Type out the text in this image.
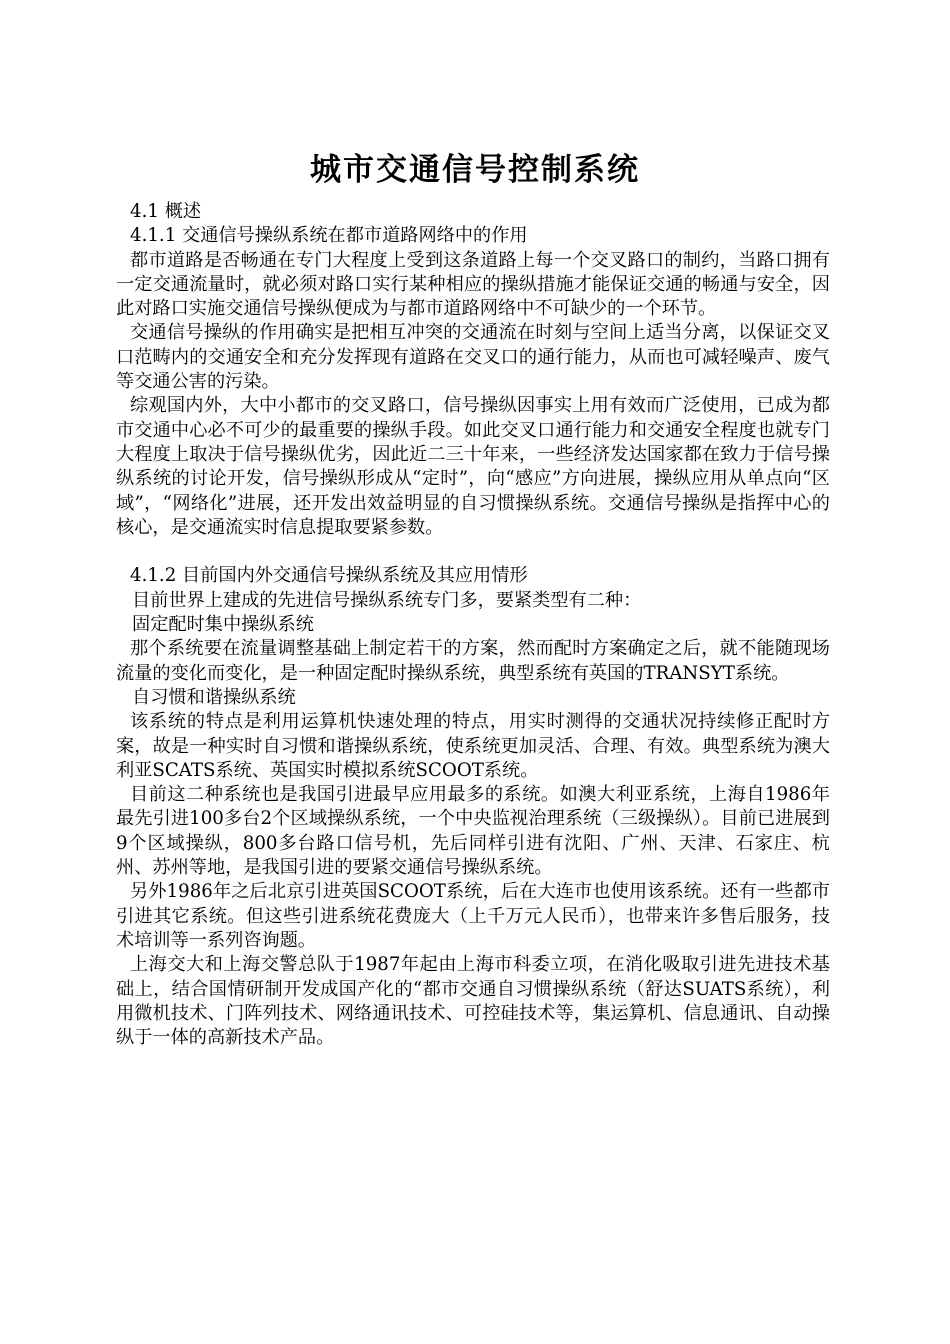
城市交通信号控制系统

4.1 概述

4.1.1 交通信号操纵系统在都市道路网络中的作用

都市道路是否畅通在专门大程度上受到这条道路上每一个交叉路口的制约，当路口拥有一定交通流量时，就必须对路口实行某种相应的操纵措施才能保证交通的畅通与安全，因此对路口实施交通信号操纵便成为与都市道路网络中不可缺少的一个环节。

交通信号操纵的作用确实是把相互冲突的交通流在时刻与空间上适当分离，以保证交叉口范畴内的交通安全和充分发挥现有道路在交叉口的通行能力，从而也可减轻噪声、废气等交通公害的污染。

综观国内外，大中小都市的交叉路口，信号操纵因事实上用有效而广泛使用，已成为都市交通中心必不可少的最重要的操纵手段。如此交叉口通行能力和交通安全程度也就专门大程度上取决于信号操纵优劣，因此近二三十年来，一些经济发达国家都在致力于信号操纵系统的讨论开发，信号操纵形成从“定时”，向“感应”方向进展，操纵应用从单点向“区域”，“网络化”进展，还开发出效益明显的自习惯操纵系统。交通信号操纵是指挥中心的核心，是交通流实时信息提取要紧参数。

4.1.2 目前国内外交通信号操纵系统及其应用情形

目前世界上建成的先进信号操纵系统专门多，要紧类型有二种：

固定配时集中操纵系统

那个系统要在流量调整基础上制定若干的方案，然而配时方案确定之后，就不能随现场流量的变化而变化，是一种固定配时操纵系统，典型系统有英国的TRANSYT系统。

自习惯和谐操纵系统

该系统的特点是利用运算机快速处理的特点，用实时测得的交通状况持续修正配时方案，故是一种实时自习惯和谐操纵系统，使系统更加灵活、合理、有效。典型系统为澳大利亚SCATS系统、英国实时模拟系统SCOOT系统。

目前这二种系统也是我国引进最早应用最多的系统。如澳大利亚系统，上海自1986年最先引进100多台2个区域操纵系统，一个中央监视治理系统（三级操纵）。目前已进展到9个区域操纵，800多台路口信号机，先后同样引进有沈阳、广州、天津、石家庄、杭州、苏州等地，是我国引进的要紧交通信号操纵系统。

另外1986年之后北京引进英国SCOOT系统，后在大连市也使用该系统。还有一些都市引进其它系统。但这些引进系统花费庞大（上千万元人民币），也带来许多售后服务，技术培训等一系列咨询题。

上海交大和上海交警总队于1987年起由上海市科委立项，在消化吸取引进先进技术基础上，结合国情研制开发成国产化的“都市交通自习惯操纵系统（舒达SUATS系统），利用微机技术、门阵列技术、网络通讯技术、可控硅技术等，集运算机、信息通讯、自动操纵于一体的高新技术产品。
